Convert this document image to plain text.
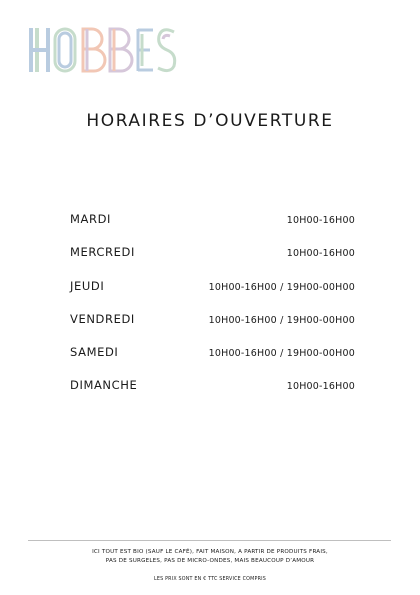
HORAIRES D’OUVERTURE
MARDI	10H00-16H00
MERCREDI	10H00-16H00
JEUDI	10H00-16H00 / 19H00-00H00
VENDREDI	10H00-16H00 / 19H00-00H00
SAMEDI	10H00-16H00 / 19H00-00H00
DIMANCHE	10H00-16H00
ICI TOUT EST BIO (SAUF LE CAFÉ), FAIT MAISON, A PARTIR DE PRODUITS FRAIS,
PAS DE SURGELES, PAS DE MICRO-ONDES, MAIS BEAUCOUP D’AMOUR
LES PRIX SONT EN € TTC SERVICE COMPRIS
